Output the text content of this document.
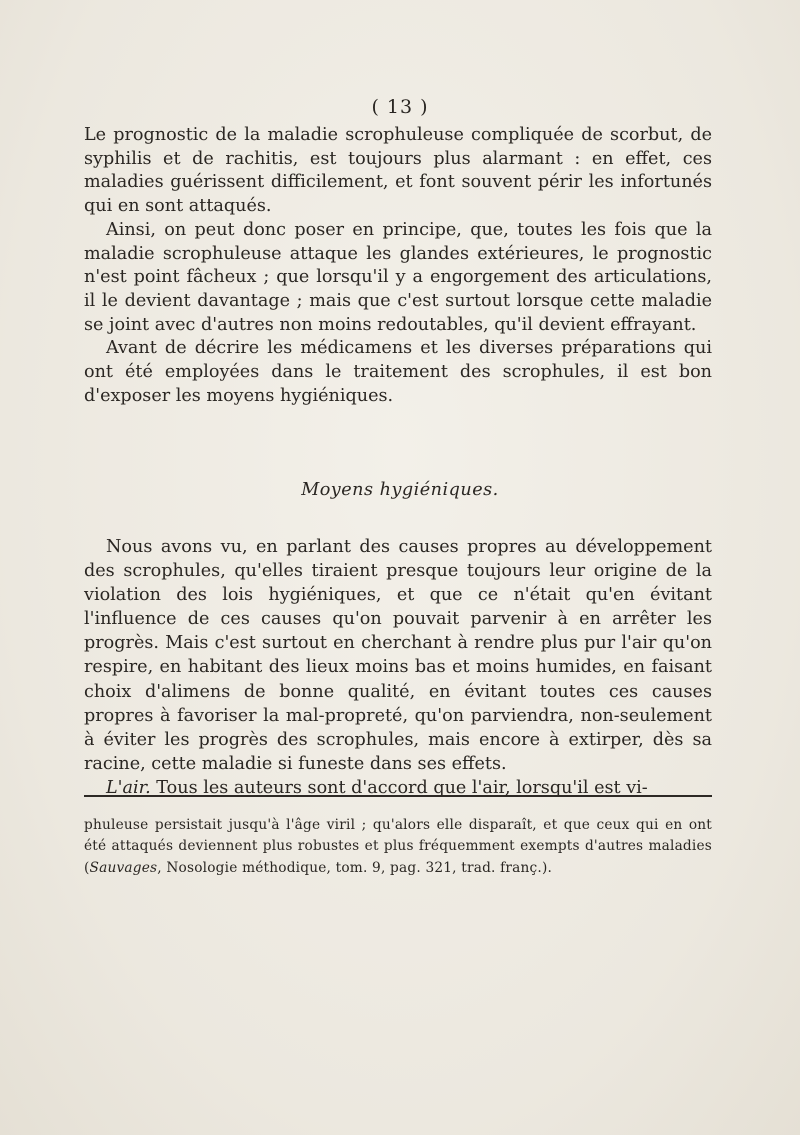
( 13 )

Le prognostic de la maladie scrophuleuse compliquée de scorbut, de syphilis et de rachitis, est toujours plus alarmant : en effet, ces maladies guérissent difficilement, et font souvent périr les infortunés qui en sont attaqués.

Ainsi, on peut donc poser en principe, que, toutes les fois que la maladie scrophuleuse attaque les glandes extérieures, le prognostic n'est point fâcheux ; que lorsqu'il y a engorgement des articulations, il le devient davantage ; mais que c'est surtout lorsque cette maladie se joint avec d'autres non moins redoutables, qu'il devient effrayant.

Avant de décrire les médicamens et les diverses préparations qui ont été employées dans le traitement des scrophules, il est bon d'exposer les moyens hygiéniques.

Moyens hygiéniques.

Nous avons vu, en parlant des causes propres au développement des scrophules, qu'elles tiraient presque toujours leur origine de la violation des lois hygiéniques, et que ce n'était qu'en évitant l'influence de ces causes qu'on pouvait parvenir à en arrêter les progrès. Mais c'est surtout en cherchant à rendre plus pur l'air qu'on respire, en habitant des lieux moins bas et moins humides, en faisant choix d'alimens de bonne qualité, en évitant toutes ces causes propres à favoriser la mal-propreté, qu'on parviendra, non-seulement à éviter les progrès des scrophules, mais encore à extirper, dès sa racine, cette maladie si funeste dans ses effets.

L'air. Tous les auteurs sont d'accord que l'air, lorsqu'il est vi-

phuleuse persistait jusqu'à l'âge viril ; qu'alors elle disparaît, et que ceux qui en ont été attaqués deviennent plus robustes et plus fréquemment exempts d'autres maladies (Sauvages, Nosologie méthodique, tom. 9, pag. 321, trad. franç.).
